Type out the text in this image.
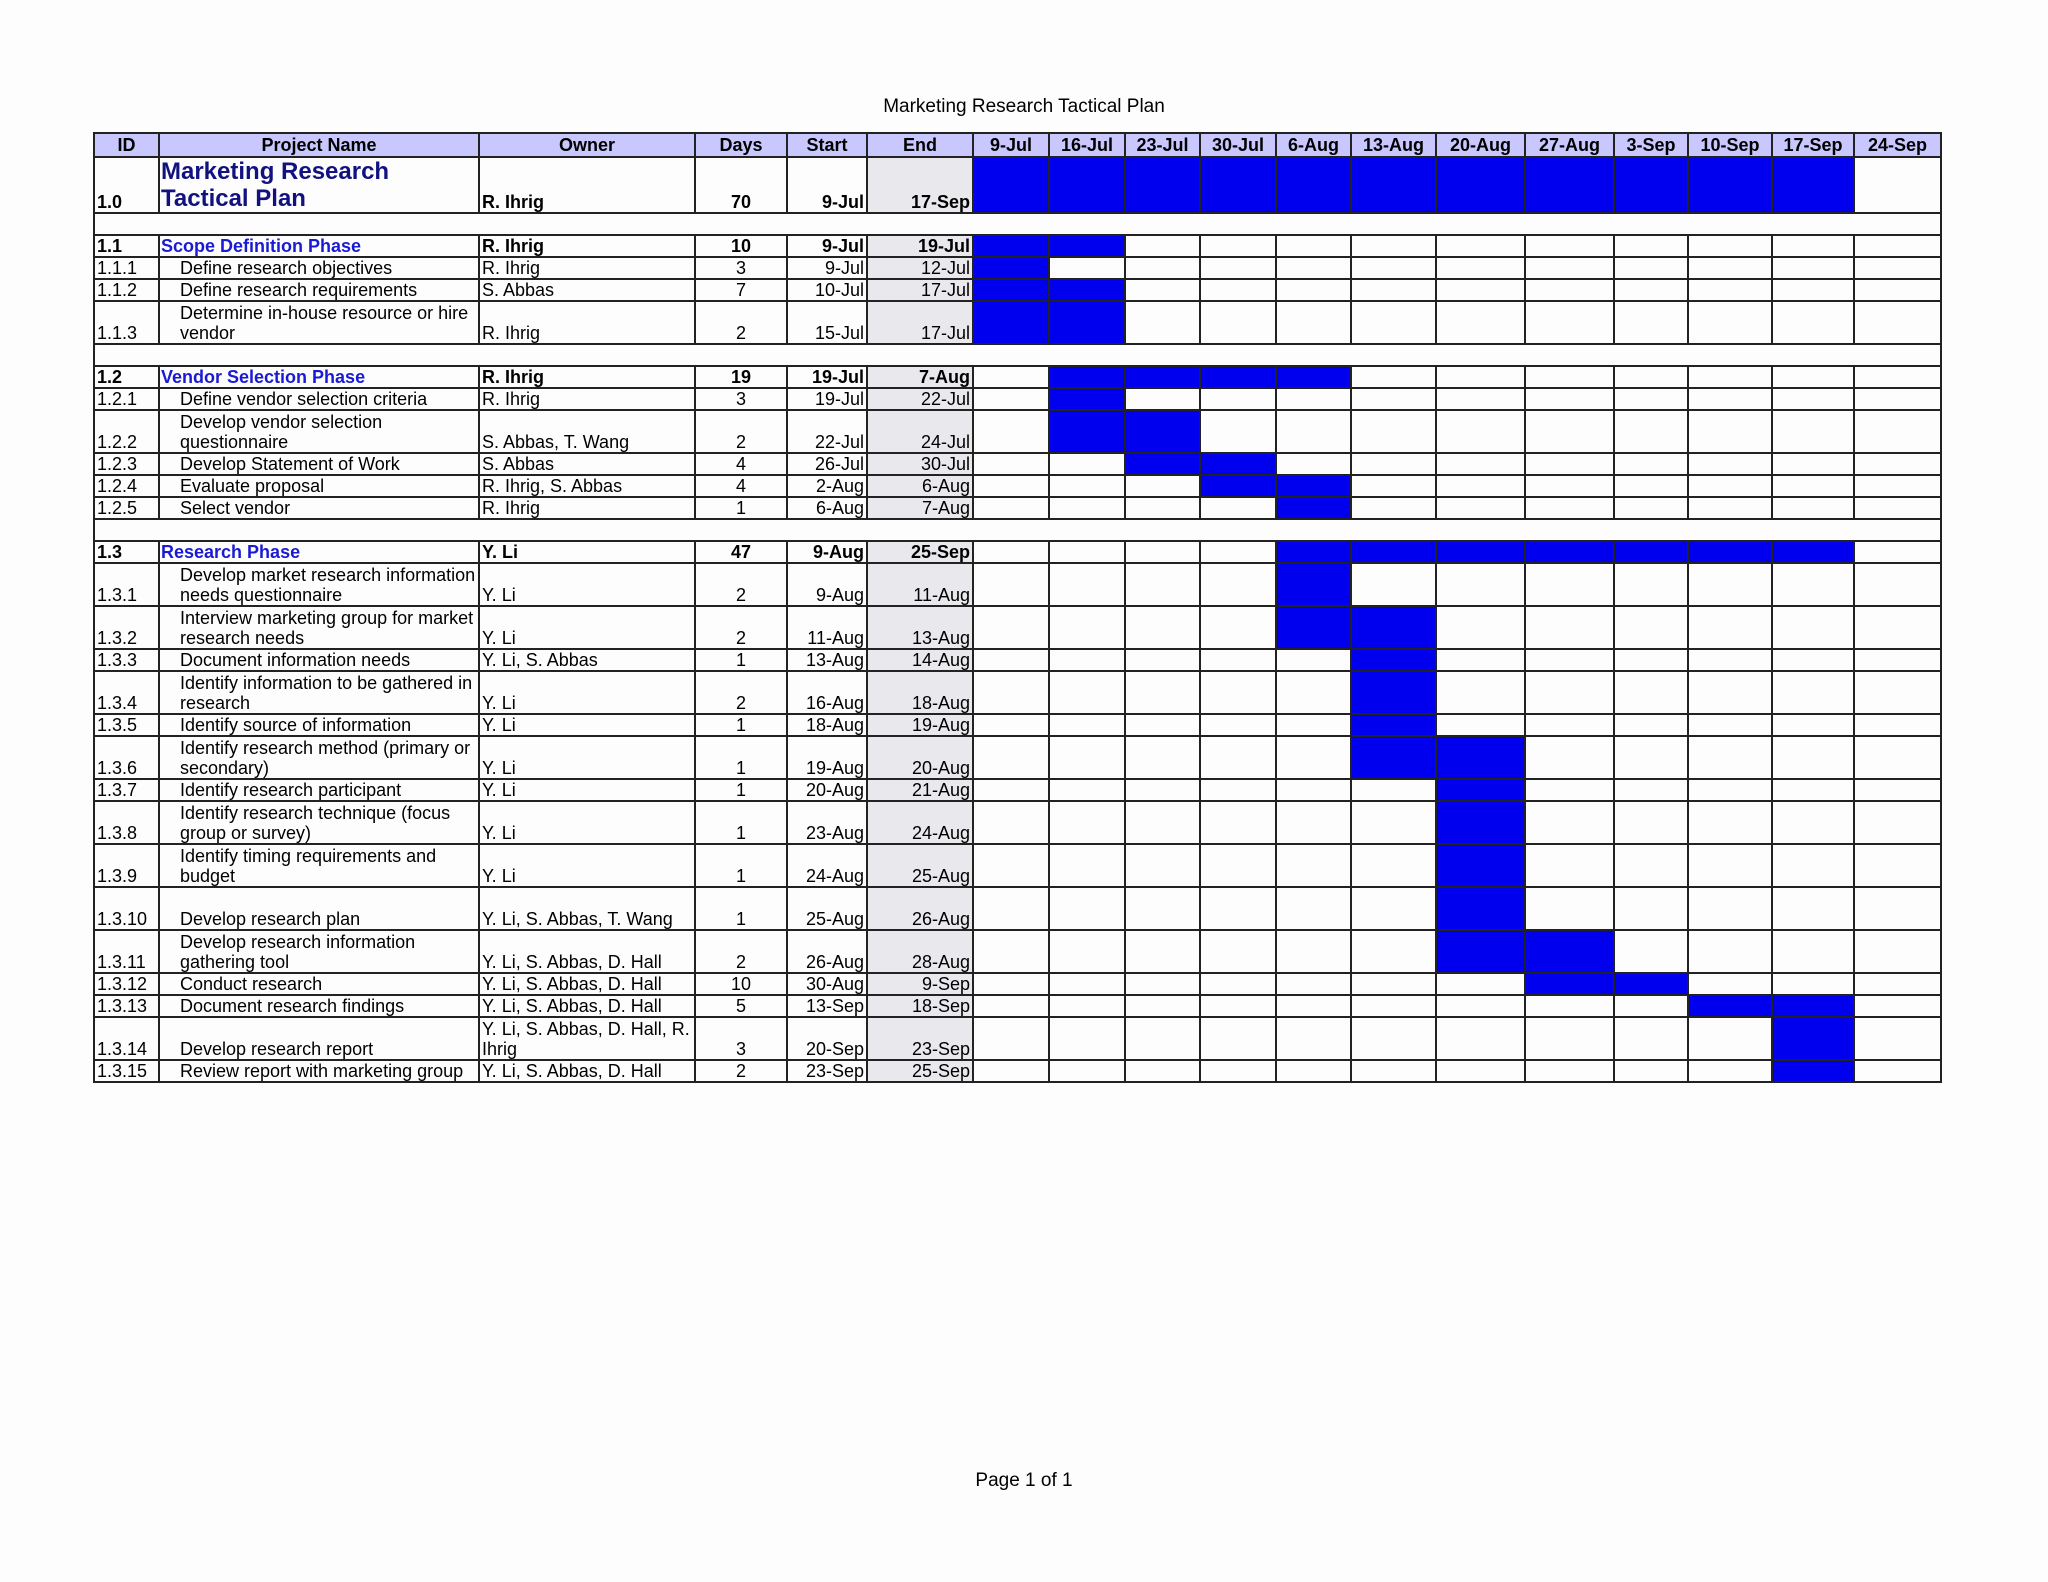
Marketing Research Tactical Plan
ID	Project Name	Owner	Days	Start	End	9-Jul	16-Jul	23-Jul	30-Jul	6-Aug	13-Aug	20-Aug	27-Aug	3-Sep	10-Sep	17-Sep	24-Sep
1.0	Marketing Research Tactical Plan	R. Ihrig	70	9-Jul	17-Sep												

1.1	Scope Definition Phase	R. Ihrig	10	9-Jul	19-Jul												
1.1.1	Define research objectives	R. Ihrig	3	9-Jul	12-Jul												
1.1.2	Define research requirements	S. Abbas	7	10-Jul	17-Jul												
1.1.3	Determine in-house resource or hire vendor	R. Ihrig	2	15-Jul	17-Jul												

1.2	Vendor Selection Phase	R. Ihrig	19	19-Jul	7-Aug												
1.2.1	Define vendor selection criteria	R. Ihrig	3	19-Jul	22-Jul												
1.2.2	Develop vendor selection questionnaire	S. Abbas, T. Wang	2	22-Jul	24-Jul												
1.2.3	Develop Statement of Work	S. Abbas	4	26-Jul	30-Jul												
1.2.4	Evaluate proposal	R. Ihrig, S. Abbas	4	2-Aug	6-Aug												
1.2.5	Select vendor	R. Ihrig	1	6-Aug	7-Aug												

1.3	Research Phase	Y. Li	47	9-Aug	25-Sep												
1.3.1	Develop market research information needs questionnaire	Y. Li	2	9-Aug	11-Aug												
1.3.2	Interview marketing group for market research needs	Y. Li	2	11-Aug	13-Aug												
1.3.3	Document information needs	Y. Li, S. Abbas	1	13-Aug	14-Aug												
1.3.4	Identify information to be gathered in research	Y. Li	2	16-Aug	18-Aug												
1.3.5	Identify source of information	Y. Li	1	18-Aug	19-Aug												
1.3.6	Identify research method (primary or secondary)	Y. Li	1	19-Aug	20-Aug												
1.3.7	Identify research participant	Y. Li	1	20-Aug	21-Aug												
1.3.8	Identify research technique (focus group or survey)	Y. Li	1	23-Aug	24-Aug												
1.3.9	Identify timing requirements and budget	Y. Li	1	24-Aug	25-Aug												
1.3.10	Develop research plan	Y. Li, S. Abbas, T. Wang	1	25-Aug	26-Aug												
1.3.11	Develop research information gathering tool	Y. Li, S. Abbas, D. Hall	2	26-Aug	28-Aug												
1.3.12	Conduct research	Y. Li, S. Abbas, D. Hall	10	30-Aug	9-Sep												
1.3.13	Document research findings	Y. Li, S. Abbas, D. Hall	5	13-Sep	18-Sep												
1.3.14	Develop research report	Y. Li, S. Abbas, D. Hall, R. Ihrig	3	20-Sep	23-Sep												
1.3.15	Review report with marketing group	Y. Li, S. Abbas, D. Hall	2	23-Sep	25-Sep												
Page 1 of 1
